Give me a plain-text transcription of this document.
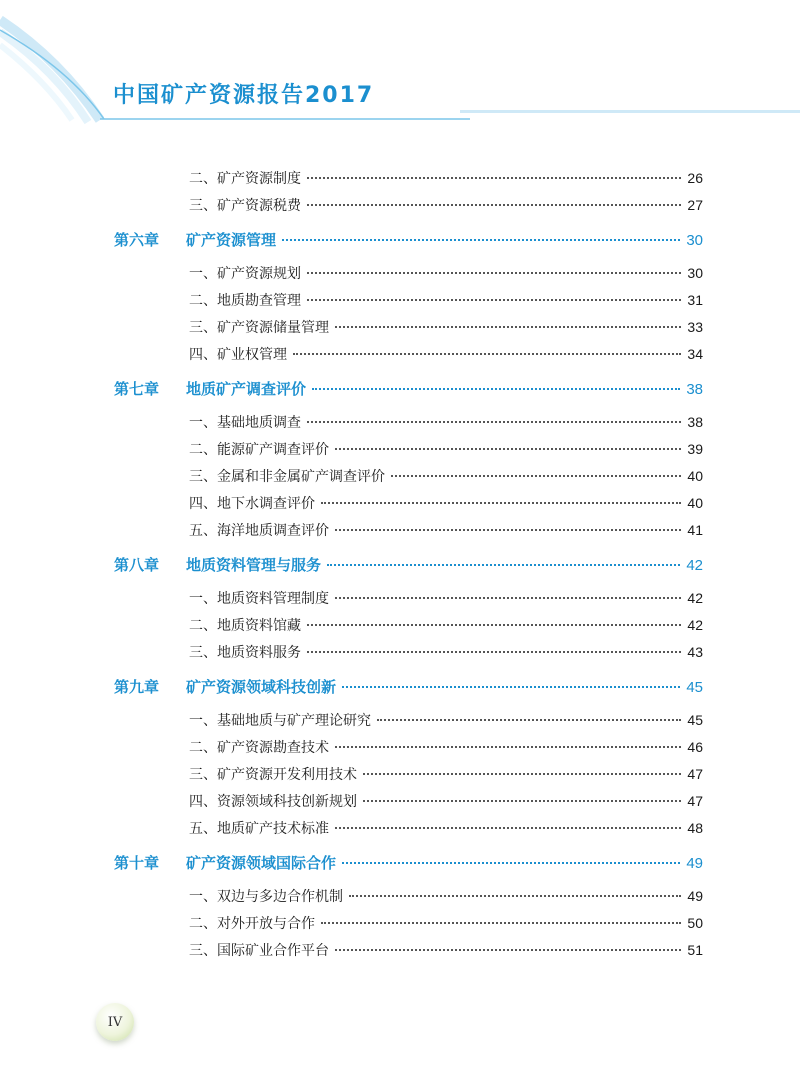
中国矿产资源报告2017
二、矿产资源制度	26
三、矿产资源税费	27
第六章	矿产资源管理	30
一、矿产资源规划	30
二、地质勘查管理	31
三、矿产资源储量管理	33
四、矿业权管理	34
第七章	地质矿产调查评价	38
一、基础地质调查	38
二、能源矿产调查评价	39
三、金属和非金属矿产调查评价	40
四、地下水调查评价	40
五、海洋地质调查评价	41
第八章	地质资料管理与服务	42
一、地质资料管理制度	42
二、地质资料馆藏	42
三、地质资料服务	43
第九章	矿产资源领域科技创新	45
一、基础地质与矿产理论研究	45
二、矿产资源勘查技术	46
三、矿产资源开发利用技术	47
四、资源领域科技创新规划	47
五、地质矿产技术标准	48
第十章	矿产资源领域国际合作	49
一、双边与多边合作机制	49
二、对外开放与合作	50
三、国际矿业合作平台	51
IV
